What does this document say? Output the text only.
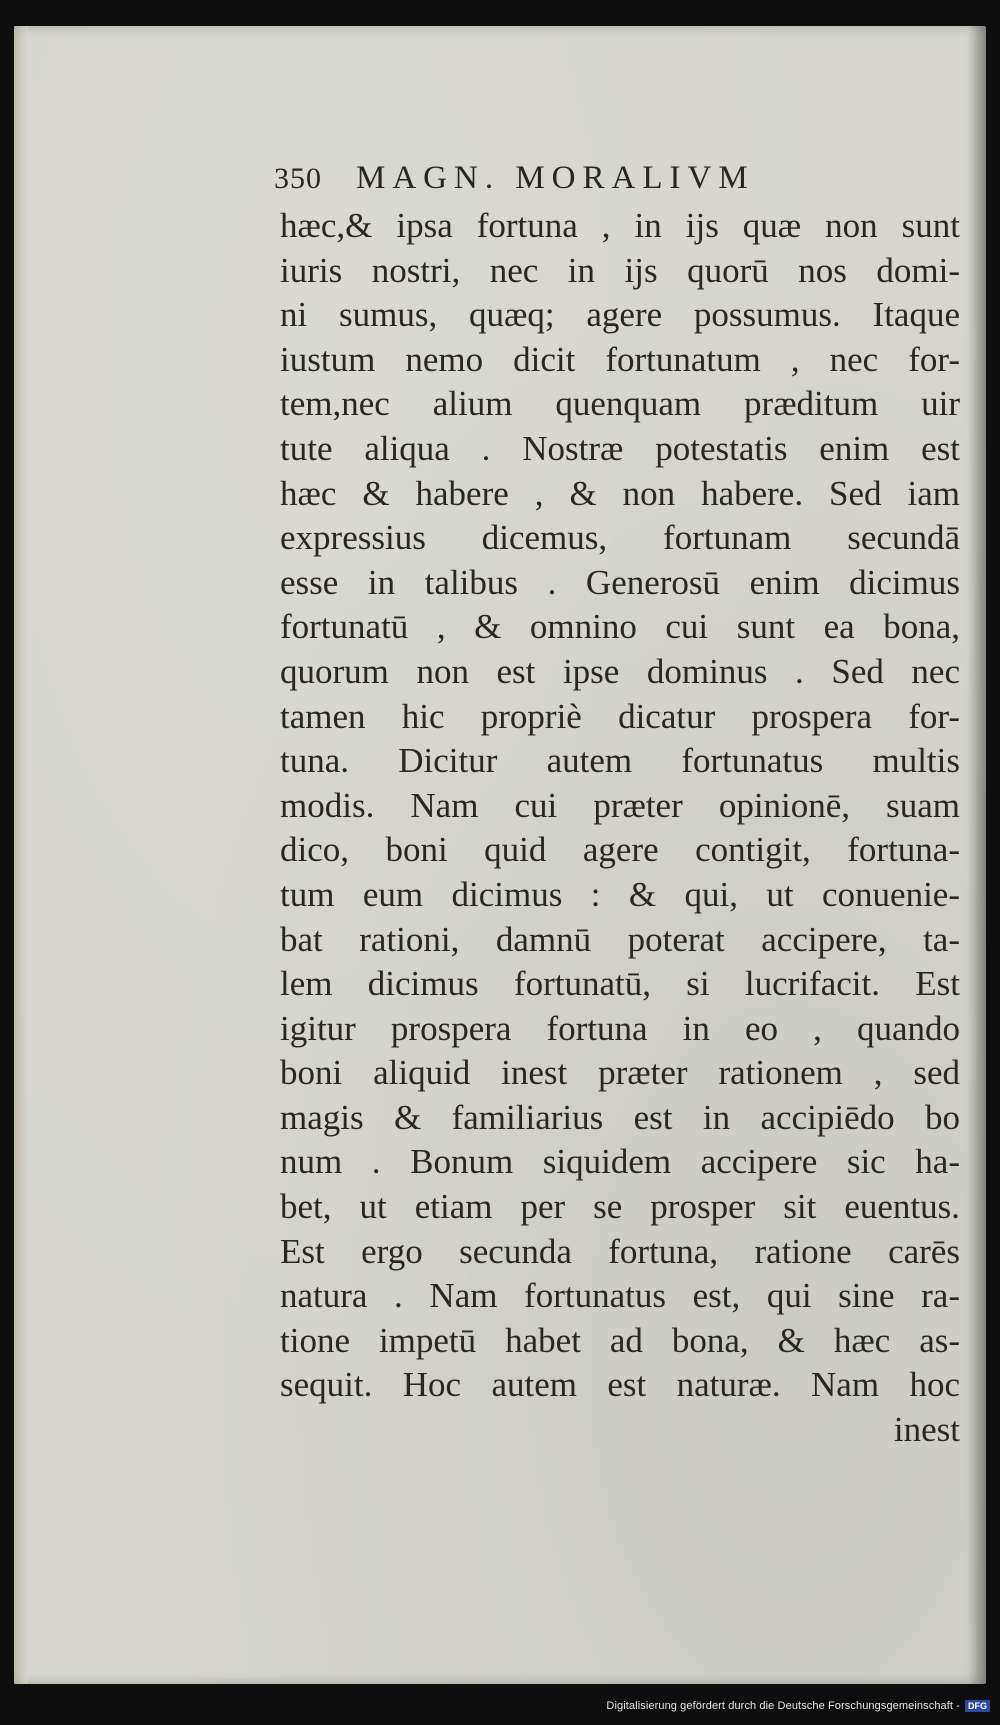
350 MAGN. MORALIVM
hæc,& ipsa fortuna , in ijs quæ non sunt
iuris nostri, nec in ijs quorū nos domi-
ni sumus, quæq; agere possumus. Itaque
iustum nemo dicit fortunatum , nec for-
tem,nec alium quenquam præditum uir
tute aliqua . Nostræ potestatis enim est
hæc & habere , & non habere. Sed iam
expressius dicemus, fortunam secundā
esse in talibus . Generosū enim dicimus
fortunatū , & omnino cui sunt ea bona,
quorum non est ipse dominus . Sed nec
tamen hic propriè dicatur prospera for-
tuna. Dicitur autem fortunatus multis
modis. Nam cui præter opinionē, suam
dico, boni quid agere contigit, fortuna-
tum eum dicimus : & qui, ut conuenie-
bat rationi, damnū poterat accipere, ta-
lem dicimus fortunatū, si lucrifacit. Est
igitur prospera fortuna in eo , quando
boni aliquid inest præter rationem , sed
magis & familiarius est in accipiēdo bo
num . Bonum siquidem accipere sic ha-
bet, ut etiam per se prosper sit euentus.
Est ergo secunda fortuna, ratione carēs
natura . Nam fortunatus est, qui sine ra-
tione impetū habet ad bona, & hæc as-
sequit. Hoc autem est naturæ. Nam hoc
inest
Digitalisierung gefördert durch die Deutsche Forschungsgemeinschaft - DFG
